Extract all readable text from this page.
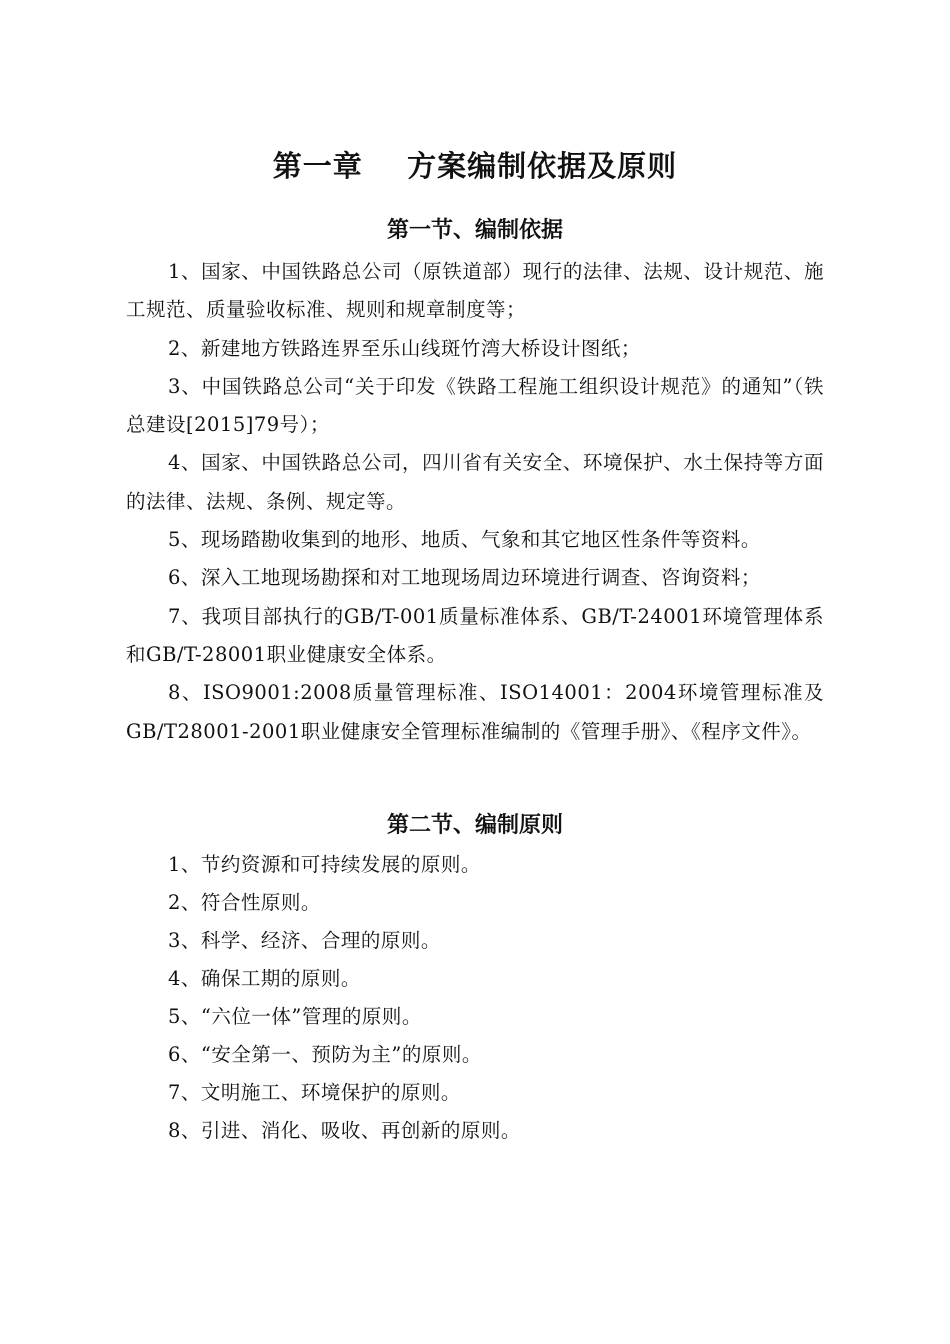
第一章    方案编制依据及原则
第一节、编制依据

1、国家、中国铁路总公司（原铁道部）现行的法律、法规、设计规范、施工规范、质量验收标准、规则和规章制度等；

2、新建地方铁路连界至乐山线斑竹湾大桥设计图纸；

3、中国铁路总公司“关于印发《铁路工程施工组织设计规范》的通知”（铁总建设[2015]79号）；

4、国家、中国铁路总公司，四川省有关安全、环境保护、水土保持等方面的法律、法规、条例、规定等。

5、现场踏勘收集到的地形、地质、气象和其它地区性条件等资料。

6、深入工地现场勘探和对工地现场周边环境进行调查、咨询资料；

7、我项目部执行的GB/T-001质量标准体系、GB/T-24001环境管理体系和GB/T-28001职业健康安全体系。

8、ISO9001:2008质量管理标准、ISO14001：2004环境管理标准及GB/T28001-2001职业健康安全管理标准编制的《管理手册》、《程序文件》。

第二节、编制原则

1、节约资源和可持续发展的原则。

2、符合性原则。

3、科学、经济、合理的原则。

4、确保工期的原则。

5、“六位一体”管理的原则。

6、“安全第一、预防为主”的原则。

7、文明施工、环境保护的原则。

8、引进、消化、吸收、再创新的原则。
